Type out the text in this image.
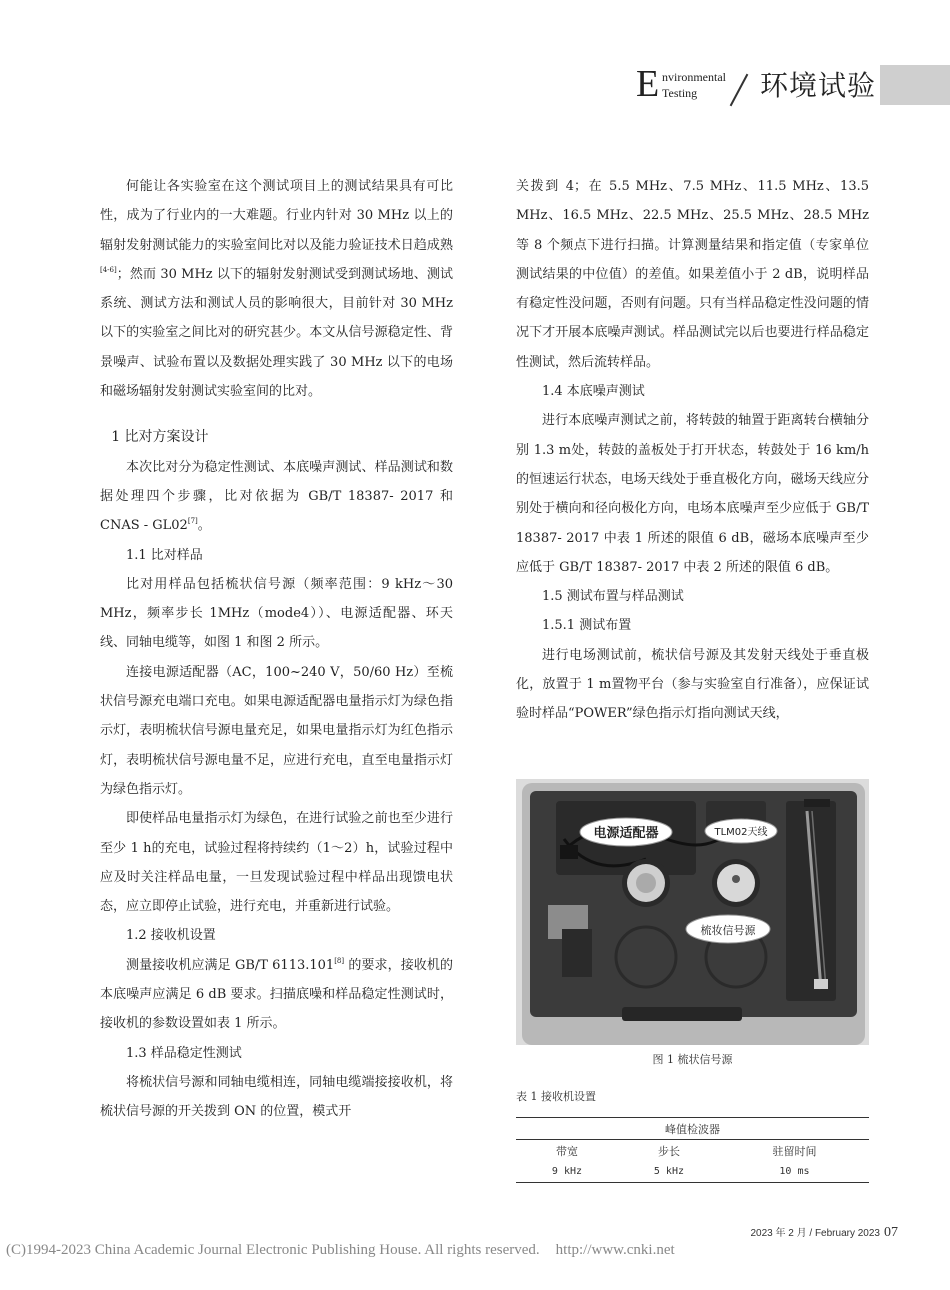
E nvironmental
Testing 环境试验

何能让各实验室在这个测试项目上的测试结果具有可比性，成为了行业内的一大难题。行业内针对 30 MHz 以上的辐射发射测试能力的实验室间比对以及能力验证技术日趋成熟[4-6]；然而 30 MHz 以下的辐射发射测试受到测试场地、测试系统、测试方法和测试人员的影响很大，目前针对 30 MHz 以下的实验室之间比对的研究甚少。本文从信号源稳定性、背景噪声、试验布置以及数据处理实践了 30 MHz 以下的电场和磁场辐射发射测试实验室间的比对。

1 比对方案设计

本次比对分为稳定性测试、本底噪声测试、样品测试和数据处理四个步骤，比对依据为 GB/T 18387- 2017 和 CNAS - GL02[7]。

1.1 比对样品

比对用样品包括梳状信号源（频率范围：9 kHz～30 MHz，频率步长 1MHz（mode4））、电源适配器、环天线、同轴电缆等，如图 1 和图 2 所示。

连接电源适配器（AC，100~240 V，50/60 Hz）至梳状信号源充电端口充电。如果电源适配器电量指示灯为绿色指示灯，表明梳状信号源电量充足，如果电量指示灯为红色指示灯，表明梳状信号源电量不足，应进行充电，直至电量指示灯为绿色指示灯。

即使样品电量指示灯为绿色，在进行试验之前也至少进行至少 1 h的充电，试验过程将持续约（1～2）h，试验过程中应及时关注样品电量，一旦发现试验过程中样品出现馈电状态，应立即停止试验，进行充电，并重新进行试验。

1.2 接收机设置

测量接收机应满足 GB/T 6113.101[8] 的要求，接收机的本底噪声应满足 6 dB 要求。扫描底噪和样品稳定性测试时，接收机的参数设置如表 1 所示。

1.3 样品稳定性测试

将梳状信号源和同轴电缆相连，同轴电缆端接接收机，将梳状信号源的开关拨到 ON 的位置，模式开

关拨到 4；在 5.5 MHz、7.5 MHz、11.5 MHz、13.5 MHz、16.5 MHz、22.5 MHz、25.5 MHz、28.5 MHz 等 8 个频点下进行扫描。计算测量结果和指定值（专家单位测试结果的中位值）的差值。如果差值小于 2 dB，说明样品有稳定性没问题，否则有问题。只有当样品稳定性没问题的情况下才开展本底噪声测试。样品测试完以后也要进行样品稳定性测试，然后流转样品。

1.4 本底噪声测试

进行本底噪声测试之前，将转鼓的轴置于距离转台横轴分别 1.3 m处，转鼓的盖板处于打开状态，转鼓处于 16 km/h的恒速运行状态，电场天线处于垂直极化方向，磁场天线应分别处于横向和径向极化方向，电场本底噪声至少应低于 GB/T 18387- 2017 中表 1 所述的限值 6 dB，磁场本底噪声至少应低于 GB/T 18387- 2017 中表 2 所述的限值 6 dB。

1.5 测试布置与样品测试

1.5.1 测试布置

进行电场测试前，梳状信号源及其发射天线处于垂直极化，放置于 1 m置物平台（参与实验室自行准备），应保证试验时样品“POWER”绿色指示灯指向测试天线，

电源适配器	TLM02天线
梳妆信号源
图 1 梳状信号源
表 1 接收机设置
峰值检波器		
带宽	步长	驻留时间
9 kHz	5 kHz	10 ms
2023 年 2 月 / February 2023 07
(C)1994-2023 China Academic Journal Electronic Publishing House. All rights reserved. http://www.cnki.net
